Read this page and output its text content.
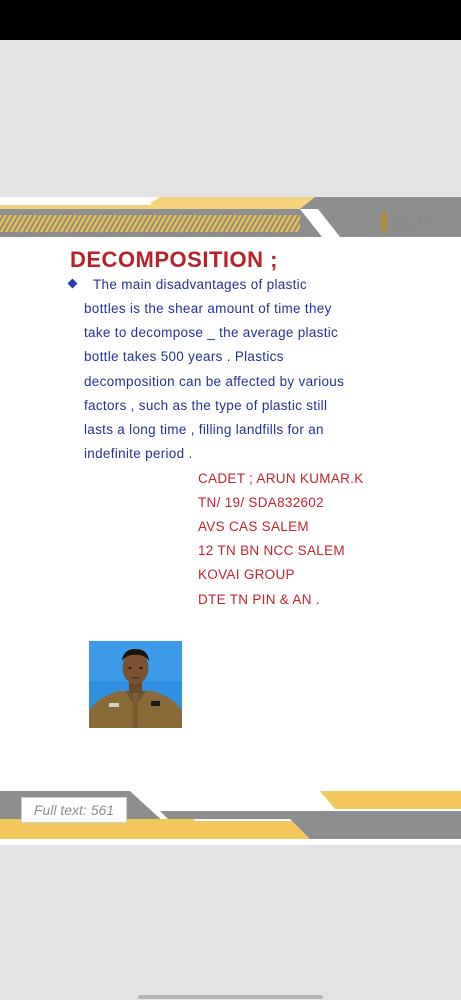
BULLET
ANGEL
DECOMPOSITION ;
The main disadvantages of plastic
bottles is the shear amount of time they
take to decompose _ the average plastic
bottle takes 500 years . Plastics
decomposition can be affected by various
factors , such as the type of plastic still
lasts a long time , filling landfills for an
indefinite period .
CADET ; ARUN KUMAR.K
TN/ 19/ SDA832602
AVS CAS SALEM
12 TN BN NCC SALEM
KOVAI GROUP
DTE TN PIN & AN .
Full text: 561
